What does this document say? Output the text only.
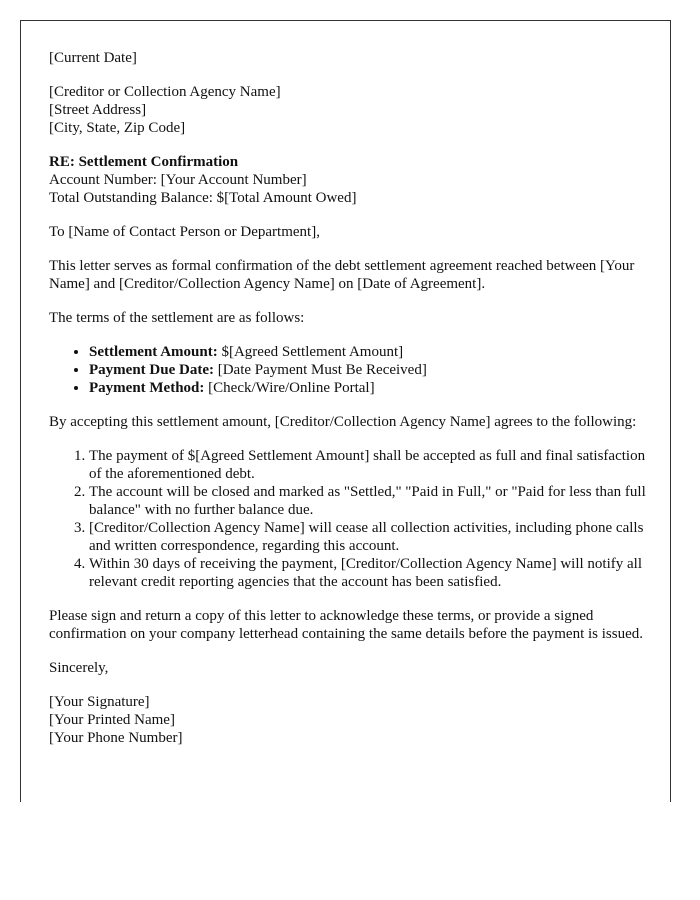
[Current Date]

[Creditor or Collection Agency Name]
[Street Address]
[City, State, Zip Code]

RE: Settlement Confirmation
Account Number: [Your Account Number]
Total Outstanding Balance: $[Total Amount Owed]

To [Name of Contact Person or Department],

This letter serves as formal confirmation of the debt settlement agreement reached between [Your Name] and [Creditor/Collection Agency Name] on [Date of Agreement].

The terms of the settlement are as follows:

• Settlement Amount: $[Agreed Settlement Amount]
• Payment Due Date: [Date Payment Must Be Received]
• Payment Method: [Check/Wire/Online Portal]

By accepting this settlement amount, [Creditor/Collection Agency Name] agrees to the following:

1. The payment of $[Agreed Settlement Amount] shall be accepted as full and final satisfaction of the aforementioned debt.
2. The account will be closed and marked as "Settled," "Paid in Full," or "Paid for less than full balance" with no further balance due.
3. [Creditor/Collection Agency Name] will cease all collection activities, including phone calls and written correspondence, regarding this account.
4. Within 30 days of receiving the payment, [Creditor/Collection Agency Name] will notify all relevant credit reporting agencies that the account has been satisfied.

Please sign and return a copy of this letter to acknowledge these terms, or provide a signed confirmation on your company letterhead containing the same details before the payment is issued.

Sincerely,

[Your Signature]
[Your Printed Name]
[Your Phone Number]
